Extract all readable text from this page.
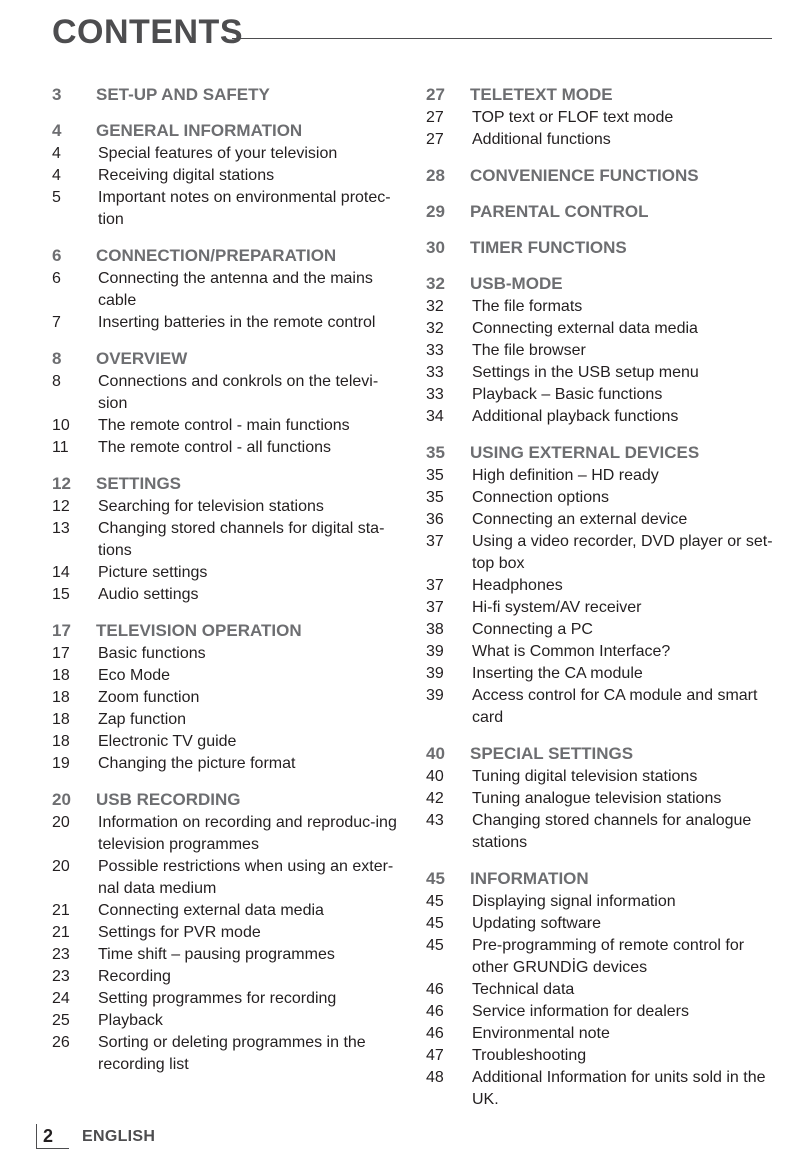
CONTENTS
3	SET-UP AND SAFETY
4	GENERAL INFORMATION
4	Special features of your television
4	Receiving digital stations
5	Important notes on environmental protec-tion
6	CONNECTION/PREPARATION
6	Connecting the antenna and the mains cable
7	Inserting batteries in the remote control
8	OVERVIEW
8	Connections and conkrols on the televi-sion
10	The remote control - main functions
11	The remote control - all functions
12	SETTINGS
12	Searching for television stations
13	Changing stored channels for digital sta-tions
14	Picture settings
15	Audio settings
17	TELEVISION OPERATION
17	Basic functions
18	Eco Mode
18	Zoom function
18	Zap function
18	Electronic TV guide
19	Changing the picture format
20	USB RECORDING
20	Information on recording and reproduc-ing television programmes
20	Possible restrictions when using an exter-nal data medium
21	Connecting external data media
21	Settings for PVR mode
23	Time shift – pausing programmes
23	Recording
24	Setting programmes for recording
25	Playback
26	Sorting or deleting programmes in the recording list
27	TELETEXT MODE
27	TOP text or FLOF text mode
27	Additional functions
28	CONVENIENCE FUNCTIONS
29	PARENTAL CONTROL
30	TIMER FUNCTIONS
32	USB-MODE
32	The file formats
32	Connecting external data media
33	The file browser
33	Settings in the USB setup menu
33	Playback – Basic functions
34	Additional playback functions
35	USING EXTERNAL DEVICES
35	High definition – HD ready
35	Connection options
36	Connecting an external device
37	Using a video recorder, DVD player or set-top box
37	Headphones
37	Hi-fi system/AV receiver
38	Connecting a PC
39	What is Common Interface?
39	Inserting the CA module
39	Access control for CA module and smart card
40	SPECIAL SETTINGS
40	Tuning digital television stations
42	Tuning analogue television stations
43	Changing stored channels for analogue stations
45	INFORMATION
45	Displaying signal information
45	Updating software
45	Pre-programming of remote control for other GRUNDİG devices
46	Technical data
46	Service information for dealers
46	Environmental note
47	Troubleshooting
48	Additional Information for units sold in the UK.
2	ENGLISH
